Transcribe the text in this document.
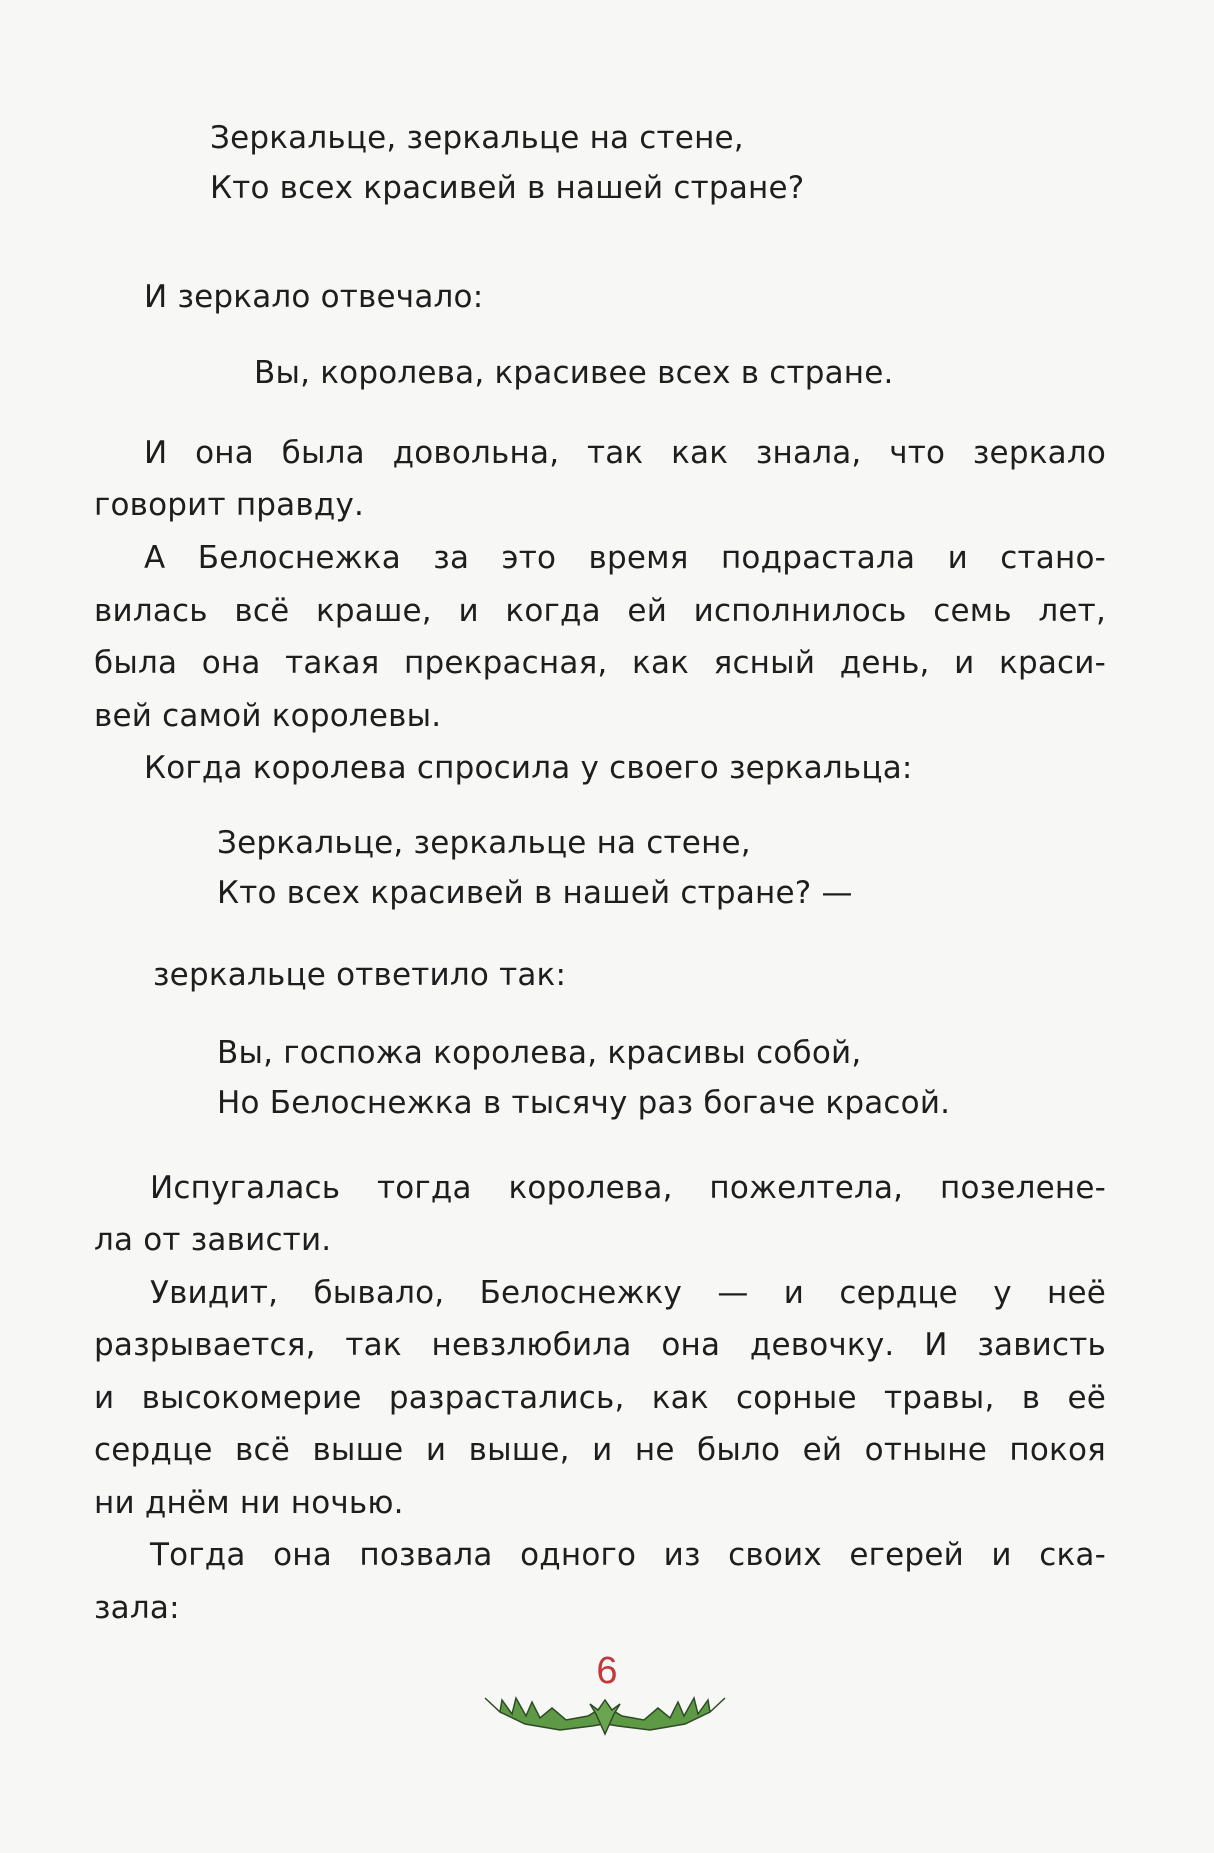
Зеркальце, зеркальце на стене,
Кто всех красивей в нашей стране?
И зеркало отвечало:
Вы, королева, красивее всех в стране.
И она была довольна, так как знала, что зеркало
говорит правду.
А Белоснежка за это время подрастала и стано-
вилась всё краше, и когда ей исполнилось семь лет,
была она такая прекрасная, как ясный день, и краси-
вей самой королевы.
Когда королева спросила у своего зеркальца:
Зеркальце, зеркальце на стене,
Кто всех красивей в нашей стране? —
зеркальце ответило так:
Вы, госпожа королева, красивы собой,
Но Белоснежка в тысячу раз богаче красой.
Испугалась тогда королева, пожелтела, позелене-
ла от зависти.
Увидит, бывало, Белоснежку — и сердце у неё
разрывается, так невзлюбила она девочку. И зависть
и высокомерие разрастались, как сорные травы, в её
сердце всё выше и выше, и не было ей отныне покоя
ни днём ни ночью.
Тогда она позвала одного из своих егерей и ска-
зала:
6
